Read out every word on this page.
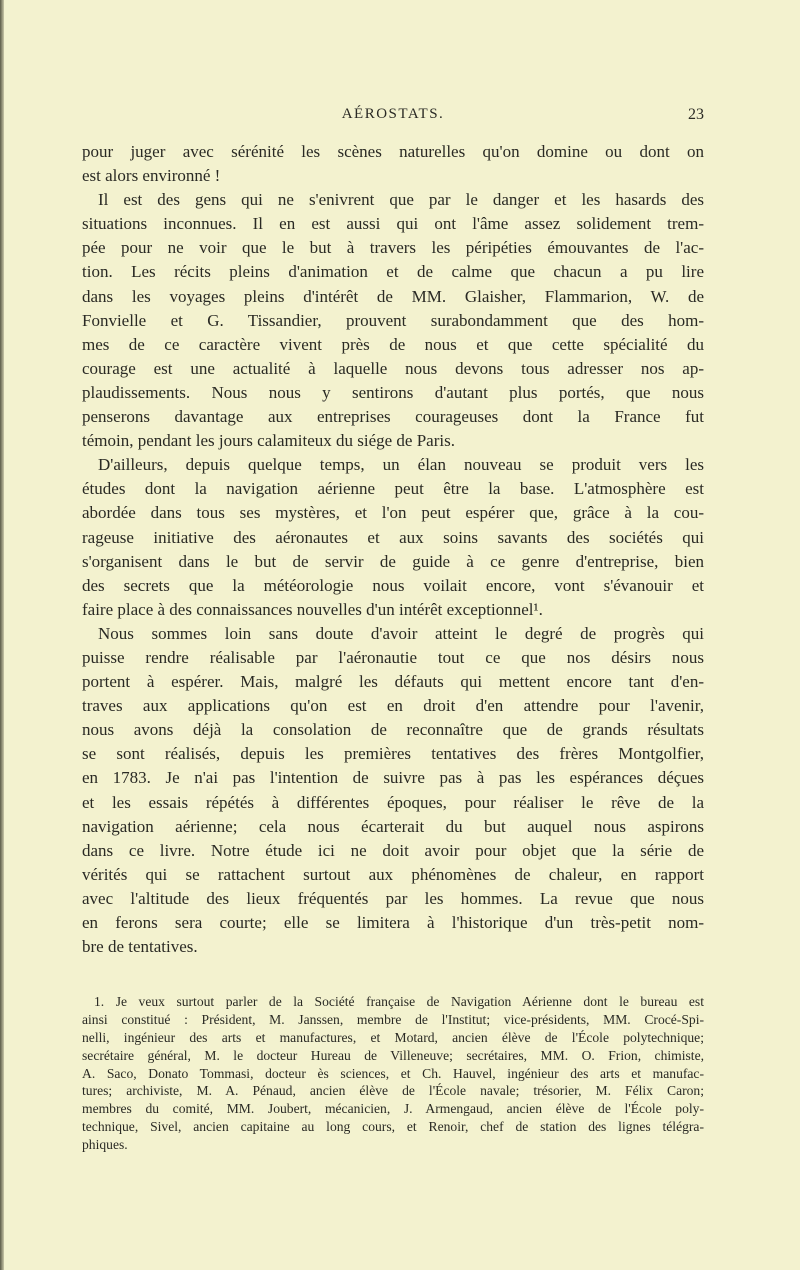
AÉROSTATS.	23
pour juger avec sérénité les scènes naturelles qu'on domine ou dont on
est alors environné !
Il est des gens qui ne s'enivrent que par le danger et les hasards des
situations inconnues. Il en est aussi qui ont l'âme assez solidement trem-
pée pour ne voir que le but à travers les péripéties émouvantes de l'ac-
tion. Les récits pleins d'animation et de calme que chacun a pu lire
dans les voyages pleins d'intérêt de MM. Glaisher, Flammarion, W. de
Fonvielle et G. Tissandier, prouvent surabondamment que des hom-
mes de ce caractère vivent près de nous et que cette spécialité du
courage est une actualité à laquelle nous devons tous adresser nos ap-
plaudissements. Nous nous y sentirons d'autant plus portés, que nous
penserons davantage aux entreprises courageuses dont la France fut
témoin, pendant les jours calamiteux du siége de Paris.
D'ailleurs, depuis quelque temps, un élan nouveau se produit vers les
études dont la navigation aérienne peut être la base. L'atmosphère est
abordée dans tous ses mystères, et l'on peut espérer que, grâce à la cou-
rageuse initiative des aéronautes et aux soins savants des sociétés qui
s'organisent dans le but de servir de guide à ce genre d'entreprise, bien
des secrets que la météorologie nous voilait encore, vont s'évanouir et
faire place à des connaissances nouvelles d'un intérêt exceptionnel¹.
Nous sommes loin sans doute d'avoir atteint le degré de progrès qui
puisse rendre réalisable par l'aéronautie tout ce que nos désirs nous
portent à espérer. Mais, malgré les défauts qui mettent encore tant d'en-
traves aux applications qu'on est en droit d'en attendre pour l'avenir,
nous avons déjà la consolation de reconnaître que de grands résultats
se sont réalisés, depuis les premières tentatives des frères Montgolfier,
en 1783. Je n'ai pas l'intention de suivre pas à pas les espérances déçues
et les essais répétés à différentes époques, pour réaliser le rêve de la
navigation aérienne; cela nous écarterait du but auquel nous aspirons
dans ce livre. Notre étude ici ne doit avoir pour objet que la série de
vérités qui se rattachent surtout aux phénomènes de chaleur, en rapport
avec l'altitude des lieux fréquentés par les hommes. La revue que nous
en ferons sera courte; elle se limitera à l'historique d'un très-petit nom-
bre de tentatives.
1. Je veux surtout parler de la Société française de Navigation Aérienne dont le bureau est
ainsi constitué : Président, M. Janssen, membre de l'Institut; vice-présidents, MM. Crocé-Spi-
nelli, ingénieur des arts et manufactures, et Motard, ancien élève de l'École polytechnique;
secrétaire général, M. le docteur Hureau de Villeneuve; secrétaires, MM. O. Frion, chimiste,
A. Saco, Donato Tommasi, docteur ès sciences, et Ch. Hauvel, ingénieur des arts et manufac-
tures; archiviste, M. A. Pénaud, ancien élève de l'École navale; trésorier, M. Félix Caron;
membres du comité, MM. Joubert, mécanicien, J. Armengaud, ancien élève de l'École poly-
technique, Sivel, ancien capitaine au long cours, et Renoir, chef de station des lignes télégra-
phiques.
